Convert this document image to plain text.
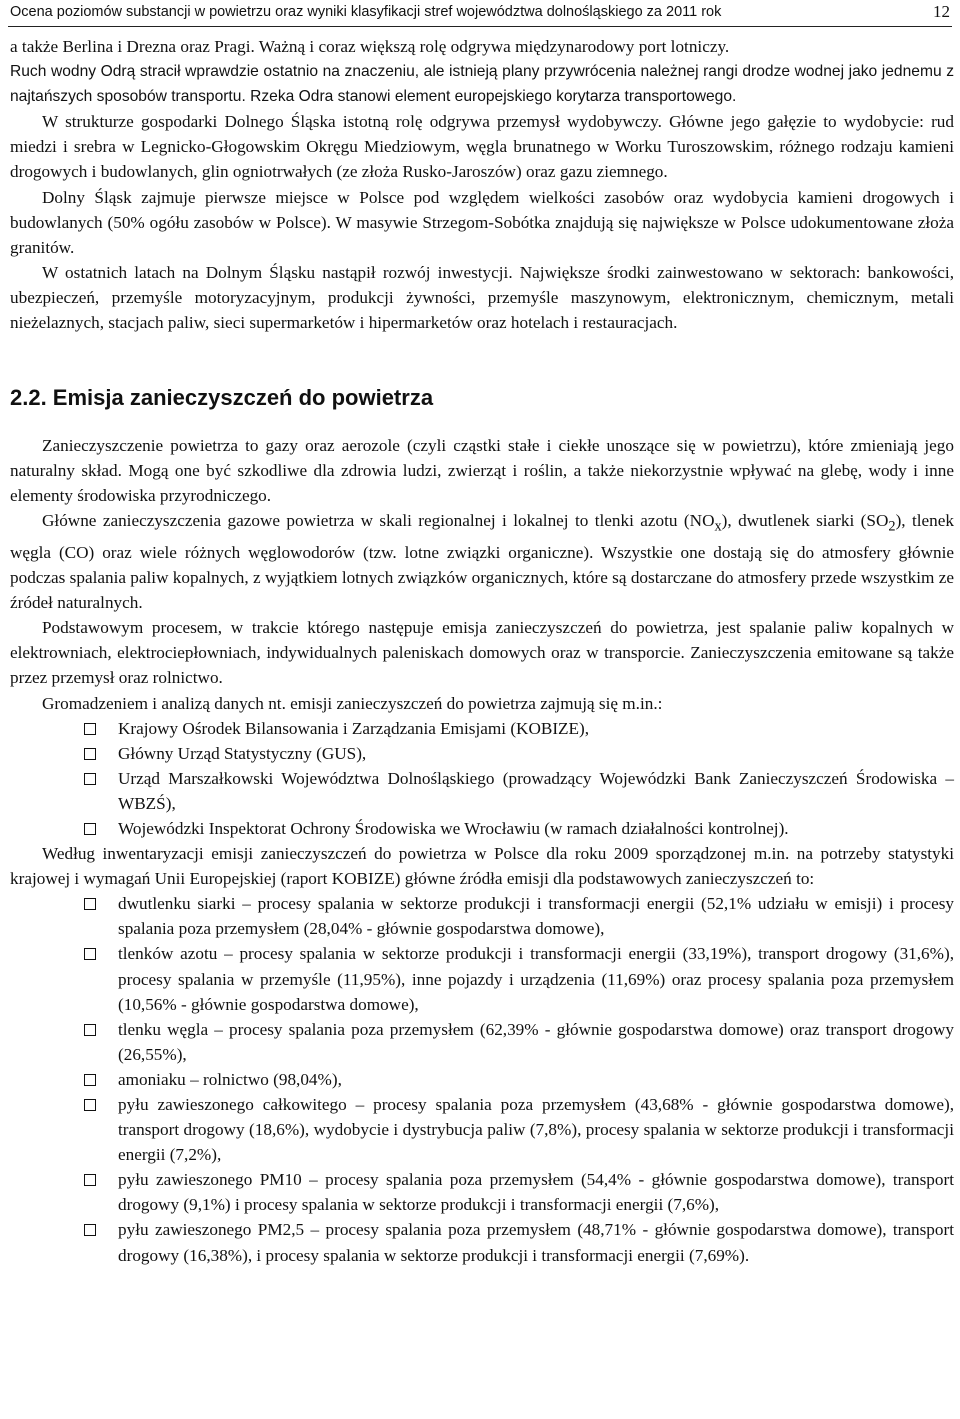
Ocena poziomów substancji w powietrzu oraz wyniki klasyfikacji stref województwa dolnośląskiego za 2011 rok	12

a także Berlina i Drezna oraz Pragi. Ważną i coraz większą rolę odgrywa międzynarodowy port lotniczy.

Ruch wodny Odrą stracił wprawdzie ostatnio na znaczeniu, ale istnieją plany przywrócenia należnej rangi drodze wodnej jako jednemu z najtańszych sposobów transportu. Rzeka Odra stanowi element europejskiego korytarza transportowego.

W strukturze gospodarki Dolnego Śląska istotną rolę odgrywa przemysł wydobywczy. Główne jego gałęzie to wydobycie: rud miedzi i srebra w Legnicko-Głogowskim Okręgu Miedziowym, węgla brunatnego w Worku Turoszowskim, różnego rodzaju kamieni drogowych i budowlanych, glin ogniotrwałych (ze złoża Rusko-Jaroszów) oraz gazu ziemnego.

Dolny Śląsk zajmuje pierwsze miejsce w Polsce pod względem wielkości zasobów oraz wydobycia kamieni drogowych i budowlanych (50% ogółu zasobów w Polsce). W masywie Strzegom-Sobótka znajdują się największe w Polsce udokumentowane złoża granitów.

W ostatnich latach na Dolnym Śląsku nastąpił rozwój inwestycji. Największe środki zainwestowano w sektorach: bankowości, ubezpieczeń, przemyśle motoryzacyjnym, produkcji żywności, przemyśle maszynowym, elektronicznym, chemicznym, metali nieżelaznych, stacjach paliw, sieci supermarketów i hipermarketów oraz hotelach i restauracjach.

2.2. Emisja zanieczyszczeń do powietrza

Zanieczyszczenie powietrza to gazy oraz aerozole (czyli cząstki stałe i ciekłe unoszące się w powietrzu), które zmieniają jego naturalny skład. Mogą one być szkodliwe dla zdrowia ludzi, zwierząt i roślin, a także niekorzystnie wpływać na glebę, wody i inne elementy środowiska przyrodniczego.

Główne zanieczyszczenia gazowe powietrza w skali regionalnej i lokalnej to tlenki azotu $(NO_x)$, dwutlenek siarki $(SO_2)$, tlenek węgla (CO) oraz wiele różnych węglowodorów (tzw. lotne związki organiczne). Wszystkie one dostają się do atmosfery głównie podczas spalania paliw kopalnych, z wyjątkiem lotnych związków organicznych, które są dostarczane do atmosfery przede wszystkim ze źródeł naturalnych.

Podstawowym procesem, w trakcie którego następuje emisja zanieczyszczeń do powietrza, jest spalanie paliw kopalnych w elektrowniach, elektrociepłowniach, indywidualnych paleniskach domowych oraz w transporcie. Zanieczyszczenia emitowane są także przez przemysł oraz rolnictwo.

Gromadzeniem i analizą danych nt. emisji zanieczyszczeń do powietrza zajmują się m.in.:

Krajowy Ośrodek Bilansowania i Zarządzania Emisjami (KOBIZE),
Główny Urząd Statystyczny (GUS),
Urząd Marszałkowski Województwa Dolnośląskiego (prowadzący Wojewódzki Bank Zanieczyszczeń Środowiska – WBZŚ),
Wojewódzki Inspektorat Ochrony Środowiska we Wrocławiu (w ramach działalności kontrolnej).

Według inwentaryzacji emisji zanieczyszczeń do powietrza w Polsce dla roku 2009 sporządzonej m.in. na potrzeby statystyki krajowej i wymagań Unii Europejskiej (raport KOBIZE) główne źródła emisji dla podstawowych zanieczyszczeń to:

dwutlenku siarki – procesy spalania w sektorze produkcji i transformacji energii (52,1% udziału w emisji) i procesy spalania poza przemysłem (28,04% - głównie gospodarstwa domowe),
tlenków azotu – procesy spalania w sektorze produkcji i transformacji energii (33,19%), transport drogowy (31,6%), procesy spalania w przemyśle (11,95%), inne pojazdy i urządzenia (11,69%) oraz procesy spalania poza przemysłem (10,56% - głównie gospodarstwa domowe),
tlenku węgla – procesy spalania poza przemysłem (62,39% - głównie gospodarstwa domowe) oraz transport drogowy (26,55%),
amoniaku – rolnictwo (98,04%),
pyłu zawieszonego całkowitego – procesy spalania poza przemysłem (43,68% - głównie gospodarstwa domowe), transport drogowy (18,6%), wydobycie i dystrybucja paliw (7,8%), procesy spalania w sektorze produkcji i transformacji energii (7,2%),
pyłu zawieszonego PM10 – procesy spalania poza przemysłem (54,4% - głównie gospodarstwa domowe), transport drogowy (9,1%) i procesy spalania w sektorze produkcji i transformacji energii (7,6%),
pyłu zawieszonego PM2,5 – procesy spalania poza przemysłem (48,71% - głównie gospodarstwa domowe), transport drogowy (16,38%), i procesy spalania w sektorze produkcji i transformacji energii (7,69%).
